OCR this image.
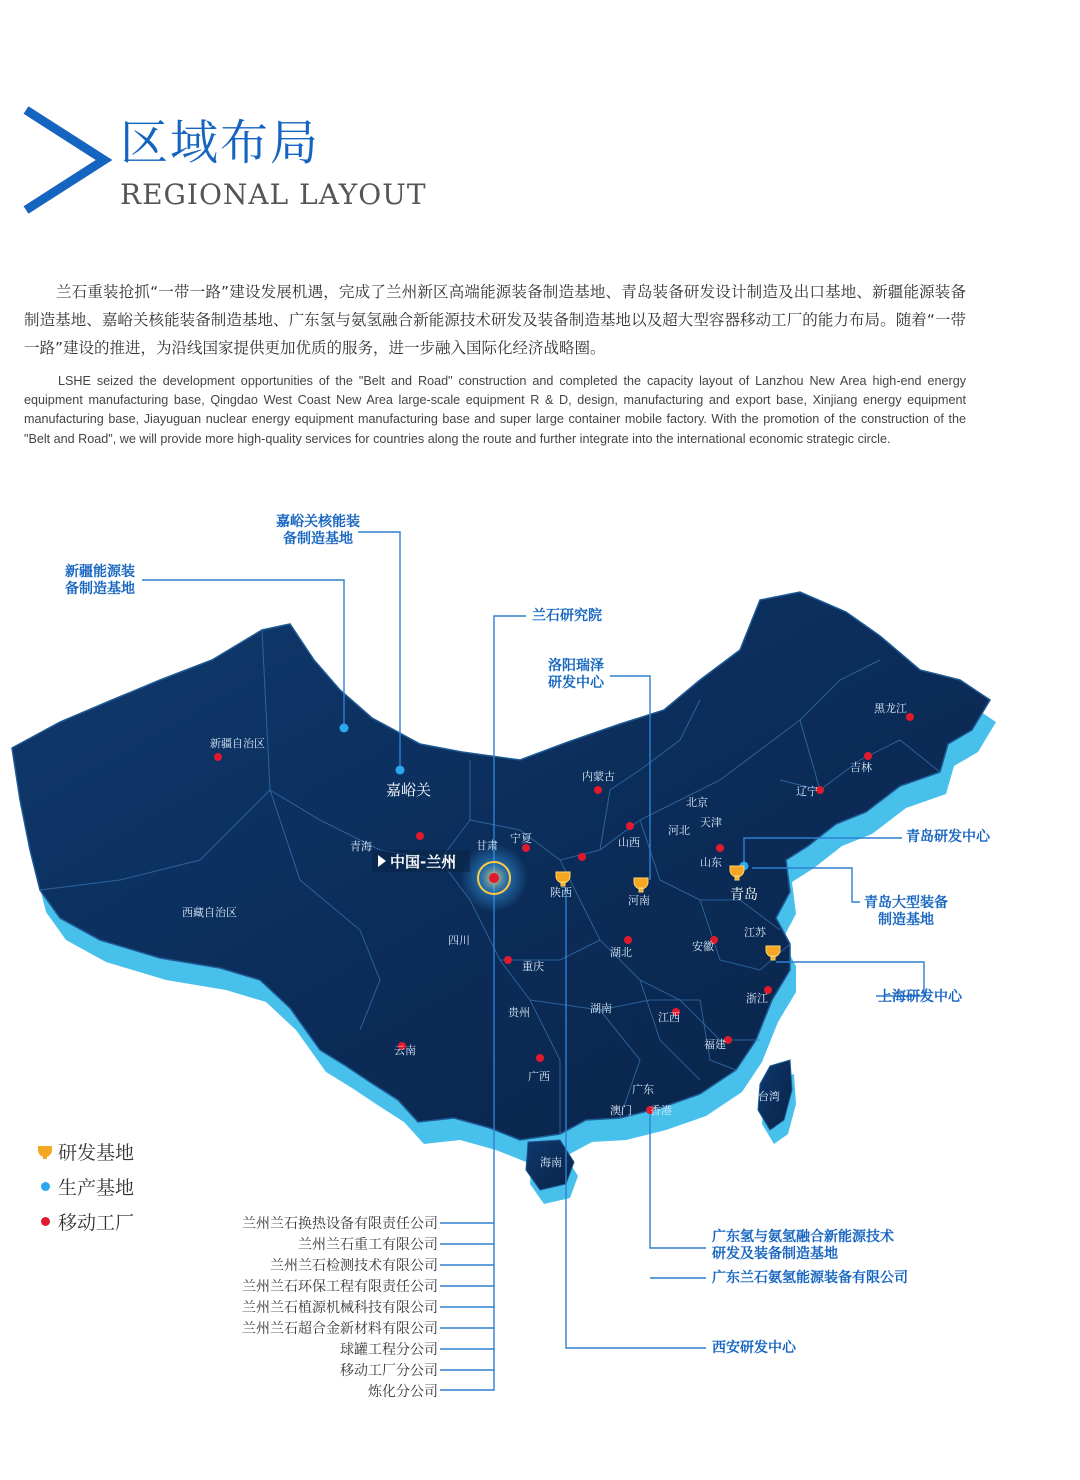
区域布局
REGIONAL LAYOUT

兰石重装抢抓“一带一路”建设发展机遇，完成了兰州新区高端能源装备制造基地、青岛装备研发设计制造及出口基地、新疆能源装备制造基地、嘉峪关核能装备制造基地、广东氢与氨氢融合新能源技术研发及装备制造基地以及超大型容器移动工厂的能力布局。随着“一带一路”建设的推进，为沿线国家提供更加优质的服务，进一步融入国际化经济战略圈。

LSHE seized the development opportunities of the "Belt and Road" construction and completed the capacity layout of Lanzhou New Area high-end energy equipment manufacturing base, Qingdao West Coast New Area large-scale equipment R & D, design, manufacturing and export base, Xinjiang energy equipment manufacturing base, Jiayuguan nuclear energy equipment manufacturing base and super large container mobile factory. With the promotion of the construction of the "Belt and Road", we will provide more high-quality services for countries along the route and further integrate into the international economic strategic circle.

新疆自治区
西藏自治区
青海	甘肃
宁夏
内蒙古
陕西
山西
河北
北京
天津
山东
河南
四川
重庆
湖北	安徽
江苏
浙江
贵州	湖南
江西
福建
云南
广西
广东
澳门 香港
台湾
海南
黑龙江
吉林
辽宁
嘉峪关
青岛
中国-兰州
嘉峪关核能装
备制造基地
新疆能源装
备制造基地
兰石研究院
洛阳瑞泽
研发中心
青岛研发中心
青岛大型装备
制造基地
上海研发中心
广东氢与氨氢融合新能源技术
研发及装备制造基地
广东兰石氨氢能源装备有限公司
西安研发中心
研发基地
生产基地
移动工厂	兰州兰石换热设备有限责任公司
兰州兰石重工有限公司
兰州兰石检测技术有限公司
兰州兰石环保工程有限责任公司
兰州兰石植源机械科技有限公司
兰州兰石超合金新材料有限公司
球罐工程分公司
移动工厂分公司
炼化分公司
